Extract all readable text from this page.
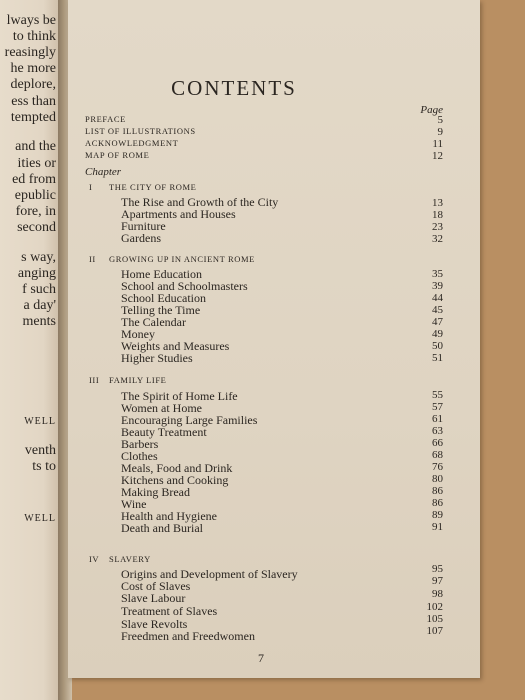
lways be
to think
reasingly
he more
deplore,
ess than
tempted
and the
ities or
ed from
epublic
fore, in
second
s way,
anging
f such
a day'
ments
WELL
venth
ts to
WELL
CONTENTS
Page
PREFACE	5
LIST OF ILLUSTRATIONS	9
ACKNOWLEDGMENT	11
MAP OF ROME	12
Chapter
I THE CITY OF ROME
The Rise and Growth of the City	13
Apartments and Houses	18
Furniture	23
Gardens	32
II GROWING UP IN ANCIENT ROME
Home Education	35
School and Schoolmasters	39
School Education	44
Telling the Time	45
The Calendar	47
Money	49
Weights and Measures	50
Higher Studies	51
III FAMILY LIFE
The Spirit of Home Life	55
Women at Home	57
Encouraging Large Families	61
Beauty Treatment	63
Barbers	66
Clothes	68
Meals, Food and Drink	76
Kitchens and Cooking	80
Making Bread	86
Wine	86
Health and Hygiene	89
Death and Burial	91
IV SLAVERY
Origins and Development of Slavery	95
Cost of Slaves	97
Slave Labour	98
Treatment of Slaves	102
Slave Revolts	105
Freedmen and Freedwomen	107
7
